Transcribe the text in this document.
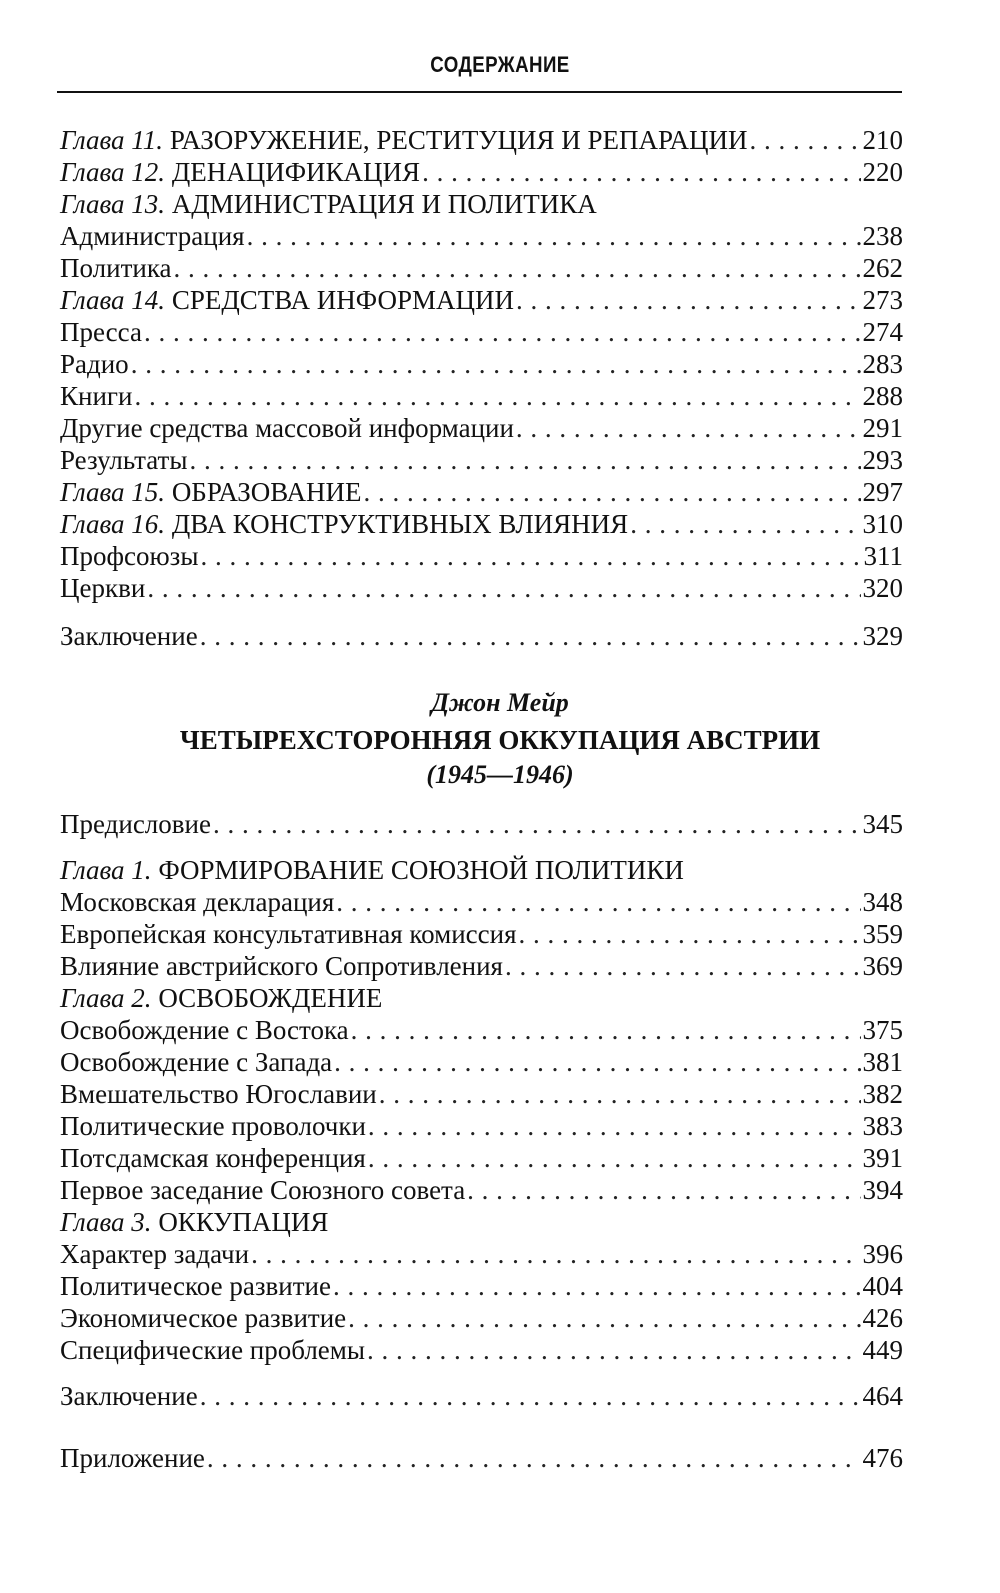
СОДЕРЖАНИЕ
Глава 11. РАЗОРУЖЕНИЕ, РЕСТИТУЦИЯ И РЕПАРАЦИИ . . .	210
Глава 12. ДЕНАЦИФИКАЦИЯ . . .	220
Глава 13. АДМИНИСТРАЦИЯ И ПОЛИТИКА
Администрация . . .	238
Политика . . .	262
Глава 14. СРЕДСТВА ИНФОРМАЦИИ . . .	273
Пресса . . .	274
Радио . . .	283
Книги . . .	288
Другие средства массовой информации . . .	291
Результаты . . .	293
Глава 15. ОБРАЗОВАНИЕ . . .	297
Глава 16. ДВА КОНСТРУКТИВНЫХ ВЛИЯНИЯ . . .	310
Профсоюзы . . .	311
Церкви . . .	320
Заключение . . .	329
Джон Мейр
ЧЕТЫРЕХСТОРОННЯЯ ОККУПАЦИЯ АВСТРИИ
(1945—1946)
Предисловие . . .	345
Глава 1. ФОРМИРОВАНИЕ СОЮЗНОЙ ПОЛИТИКИ
Московская декларация . . .	348
Европейская консультативная комиссия . . .	359
Влияние австрийского Сопротивления . . .	369
Глава 2. ОСВОБОЖДЕНИЕ
Освобождение с Востока . . .	375
Освобождение с Запада . . .	381
Вмешательство Югославии . . .	382
Политические проволочки . . .	383
Потсдамская конференция . . .	391
Первое заседание Союзного совета . . .	394
Глава 3. ОККУПАЦИЯ
Характер задачи . . .	396
Политическое развитие . . .	404
Экономическое развитие . . .	426
Специфические проблемы . . .	449
Заключение . . .	464
Приложение . . .	476
